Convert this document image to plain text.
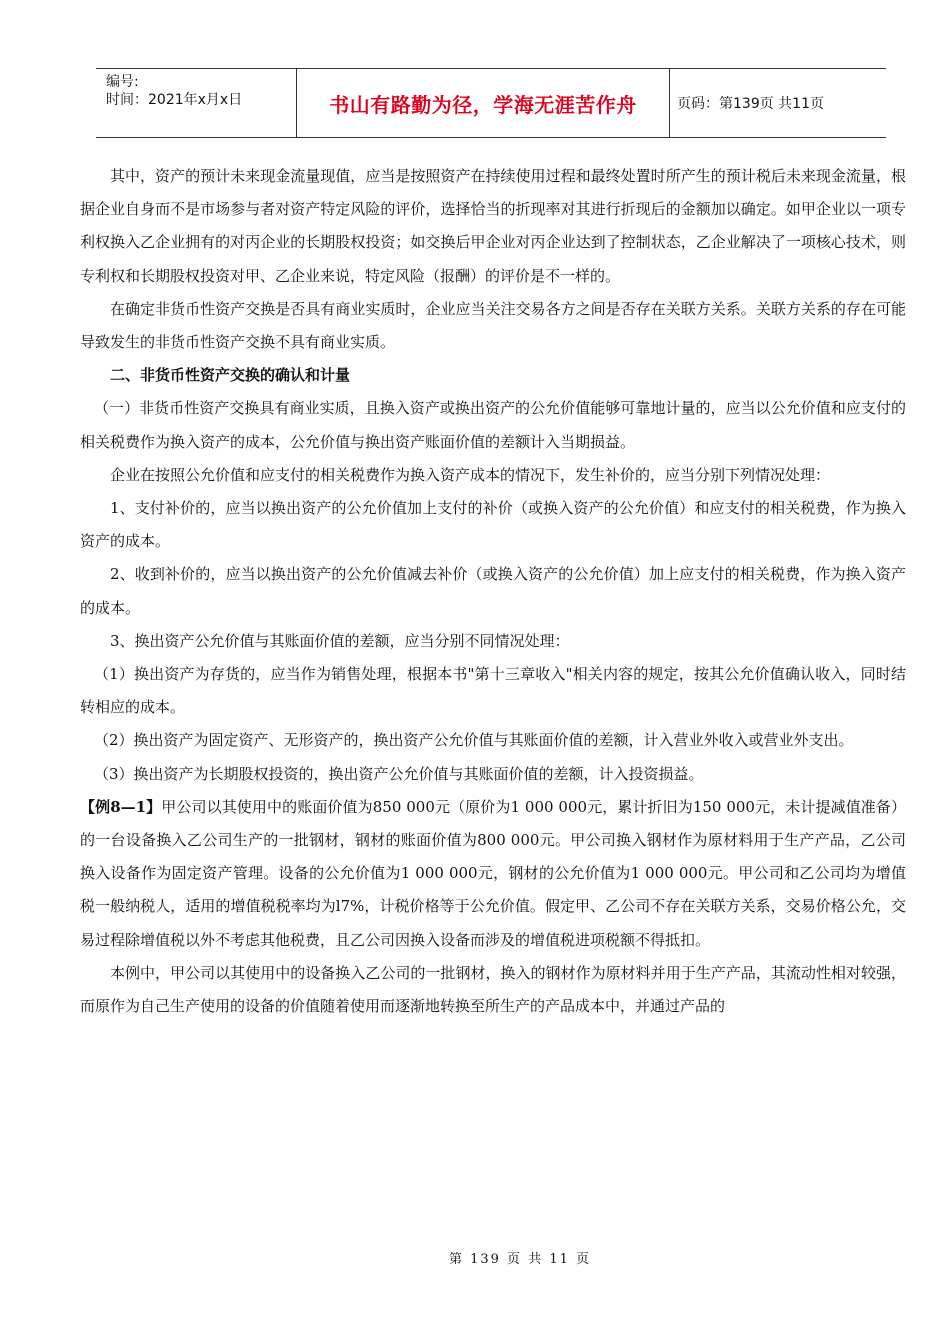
编号:
时间：2021年x月x日	书山有路勤为径，学海无涯苦作舟	页码：第139页 共11页

其中，资产的预计未来现金流量现值，应当是按照资产在持续使用过程和最终处置时所产生的预计税后未来现金流量，根据企业自身而不是市场参与者对资产特定风险的评价，选择恰当的折现率对其进行折现后的金额加以确定。如甲企业以一项专利权换入乙企业拥有的对丙企业的长期股权投资；如交换后甲企业对丙企业达到了控制状态，乙企业解决了一项核心技术，则专利权和长期股权投资对甲、乙企业来说，特定风险（报酬）的评价是不一样的。

在确定非货币性资产交换是否具有商业实质时，企业应当关注交易各方之间是否存在关联方关系。关联方关系的存在可能导致发生的非货币性资产交换不具有商业实质。

二、非货币性资产交换的确认和计量

（一）非货币性资产交换具有商业实质，且换入资产或换出资产的公允价值能够可靠地计量的，应当以公允价值和应支付的相关税费作为换入资产的成本，公允价值与换出资产账面价值的差额计入当期损益。

企业在按照公允价值和应支付的相关税费作为换入资产成本的情况下，发生补价的，应当分别下列情况处理：

1、支付补价的，应当以换出资产的公允价值加上支付的补价（或换入资产的公允价值）和应支付的相关税费，作为换入资产的成本。

2、收到补价的，应当以换出资产的公允价值减去补价（或换入资产的公允价值）加上应支付的相关税费，作为换入资产的成本。

3、换出资产公允价值与其账面价值的差额，应当分别不同情况处理：

（1）换出资产为存货的，应当作为销售处理，根据本书"第十三章收入"相关内容的规定，按其公允价值确认收入，同时结转相应的成本。

（2）换出资产为固定资产、无形资产的，换出资产公允价值与其账面价值的差额，计入营业外收入或营业外支出。

（3）换出资产为长期股权投资的，换出资产公允价值与其账面价值的差额，计入投资损益。

【例8—1】甲公司以其使用中的账面价值为850 000元（原价为1 000 000元，累计折旧为150 000元，未计提减值准备）的一台设备换入乙公司生产的一批钢材，钢材的账面价值为800 000元。甲公司换入钢材作为原材料用于生产产品，乙公司换入设备作为固定资产管理。设备的公允价值为1 000 000元，钢材的公允价值为1 000 000元。甲公司和乙公司均为增值税一般纳税人，适用的增值税税率均为l7%，计税价格等于公允价值。假定甲、乙公司不存在关联方关系，交易价格公允，交易过程除增值税以外不考虑其他税费，且乙公司因换入设备而涉及的增值税进项税额不得抵扣。

本例中，甲公司以其使用中的设备换入乙公司的一批钢材，换入的钢材作为原材料并用于生产产品，其流动性相对较强，而原作为自己生产使用的设备的价值随着使用而逐渐地转换至所生产的产品成本中，并通过产品的

第 139 页 共 11 页
